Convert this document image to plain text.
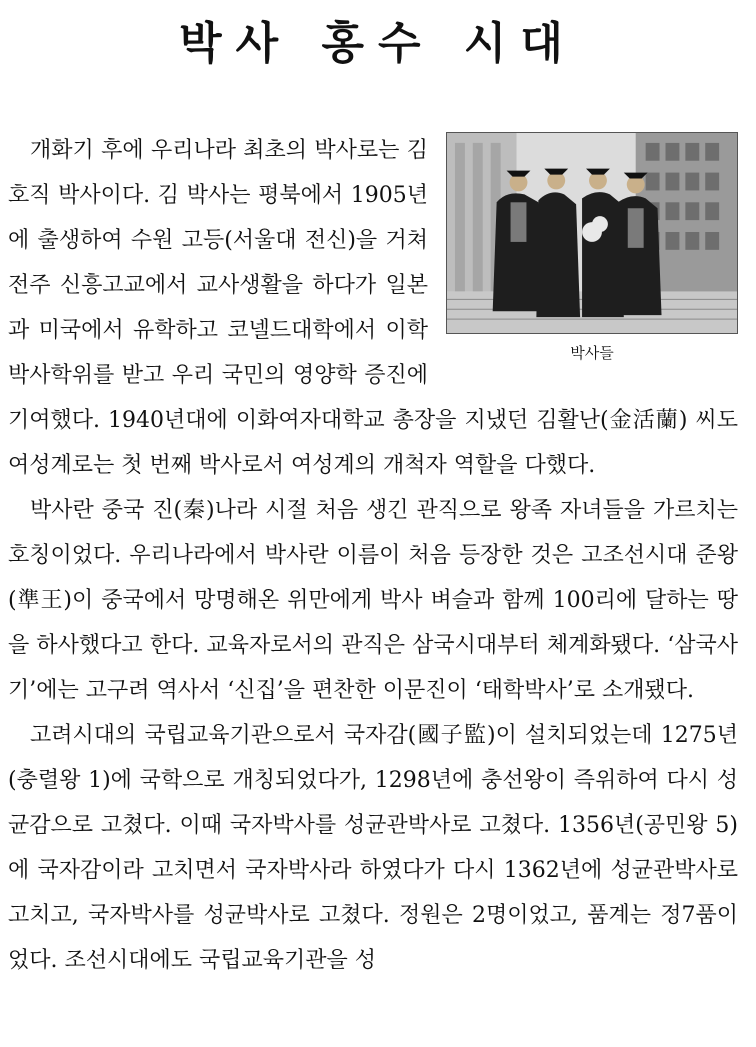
박사 홍수 시대
박사들

개화기 후에 우리나라 최초의 박사로는 김호직 박사이다. 김 박사는 평북에서 1905년에 출생하여 수원 고등(서울대 전신)을 거쳐 전주 신흥고교에서 교사생활을 하다가 일본과 미국에서 유학하고 코넬드대학에서 이학박사학위를 받고 우리 국민의 영양학 증진에 기여했다. 1940년대에 이화여자대학교 총장을 지냈던 김활난(金活蘭) 씨도 여성계로는 첫 번째 박사로서 여성계의 개척자 역할을 다했다.

박사란 중국 진(秦)나라 시절 처음 생긴 관직으로 왕족 자녀들을 가르치는 호칭이었다. 우리나라에서 박사란 이름이 처음 등장한 것은 고조선시대 준왕(準王)이 중국에서 망명해온 위만에게 박사 벼슬과 함께 100리에 달하는 땅을 하사했다고 한다. 교육자로서의 관직은 삼국시대부터 체계화됐다. ‘삼국사기’에는 고구려 역사서 ‘신집’을 편찬한 이문진이 ‘태학박사’로 소개됐다.

고려시대의 국립교육기관으로서 국자감(國子監)이 설치되었는데 1275년(충렬왕 1)에 국학으로 개칭되었다가, 1298년에 충선왕이 즉위하여 다시 성균감으로 고쳤다. 이때 국자박사를 성균관박사로 고쳤다. 1356년(공민왕 5)에 국자감이라 고치면서 국자박사라 하였다가 다시 1362년에 성균관박사로 고치고, 국자박사를 성균박사로 고쳤다. 정원은 2명이었고, 품계는 정7품이었다. 조선시대에도 국립교육기관을 성
